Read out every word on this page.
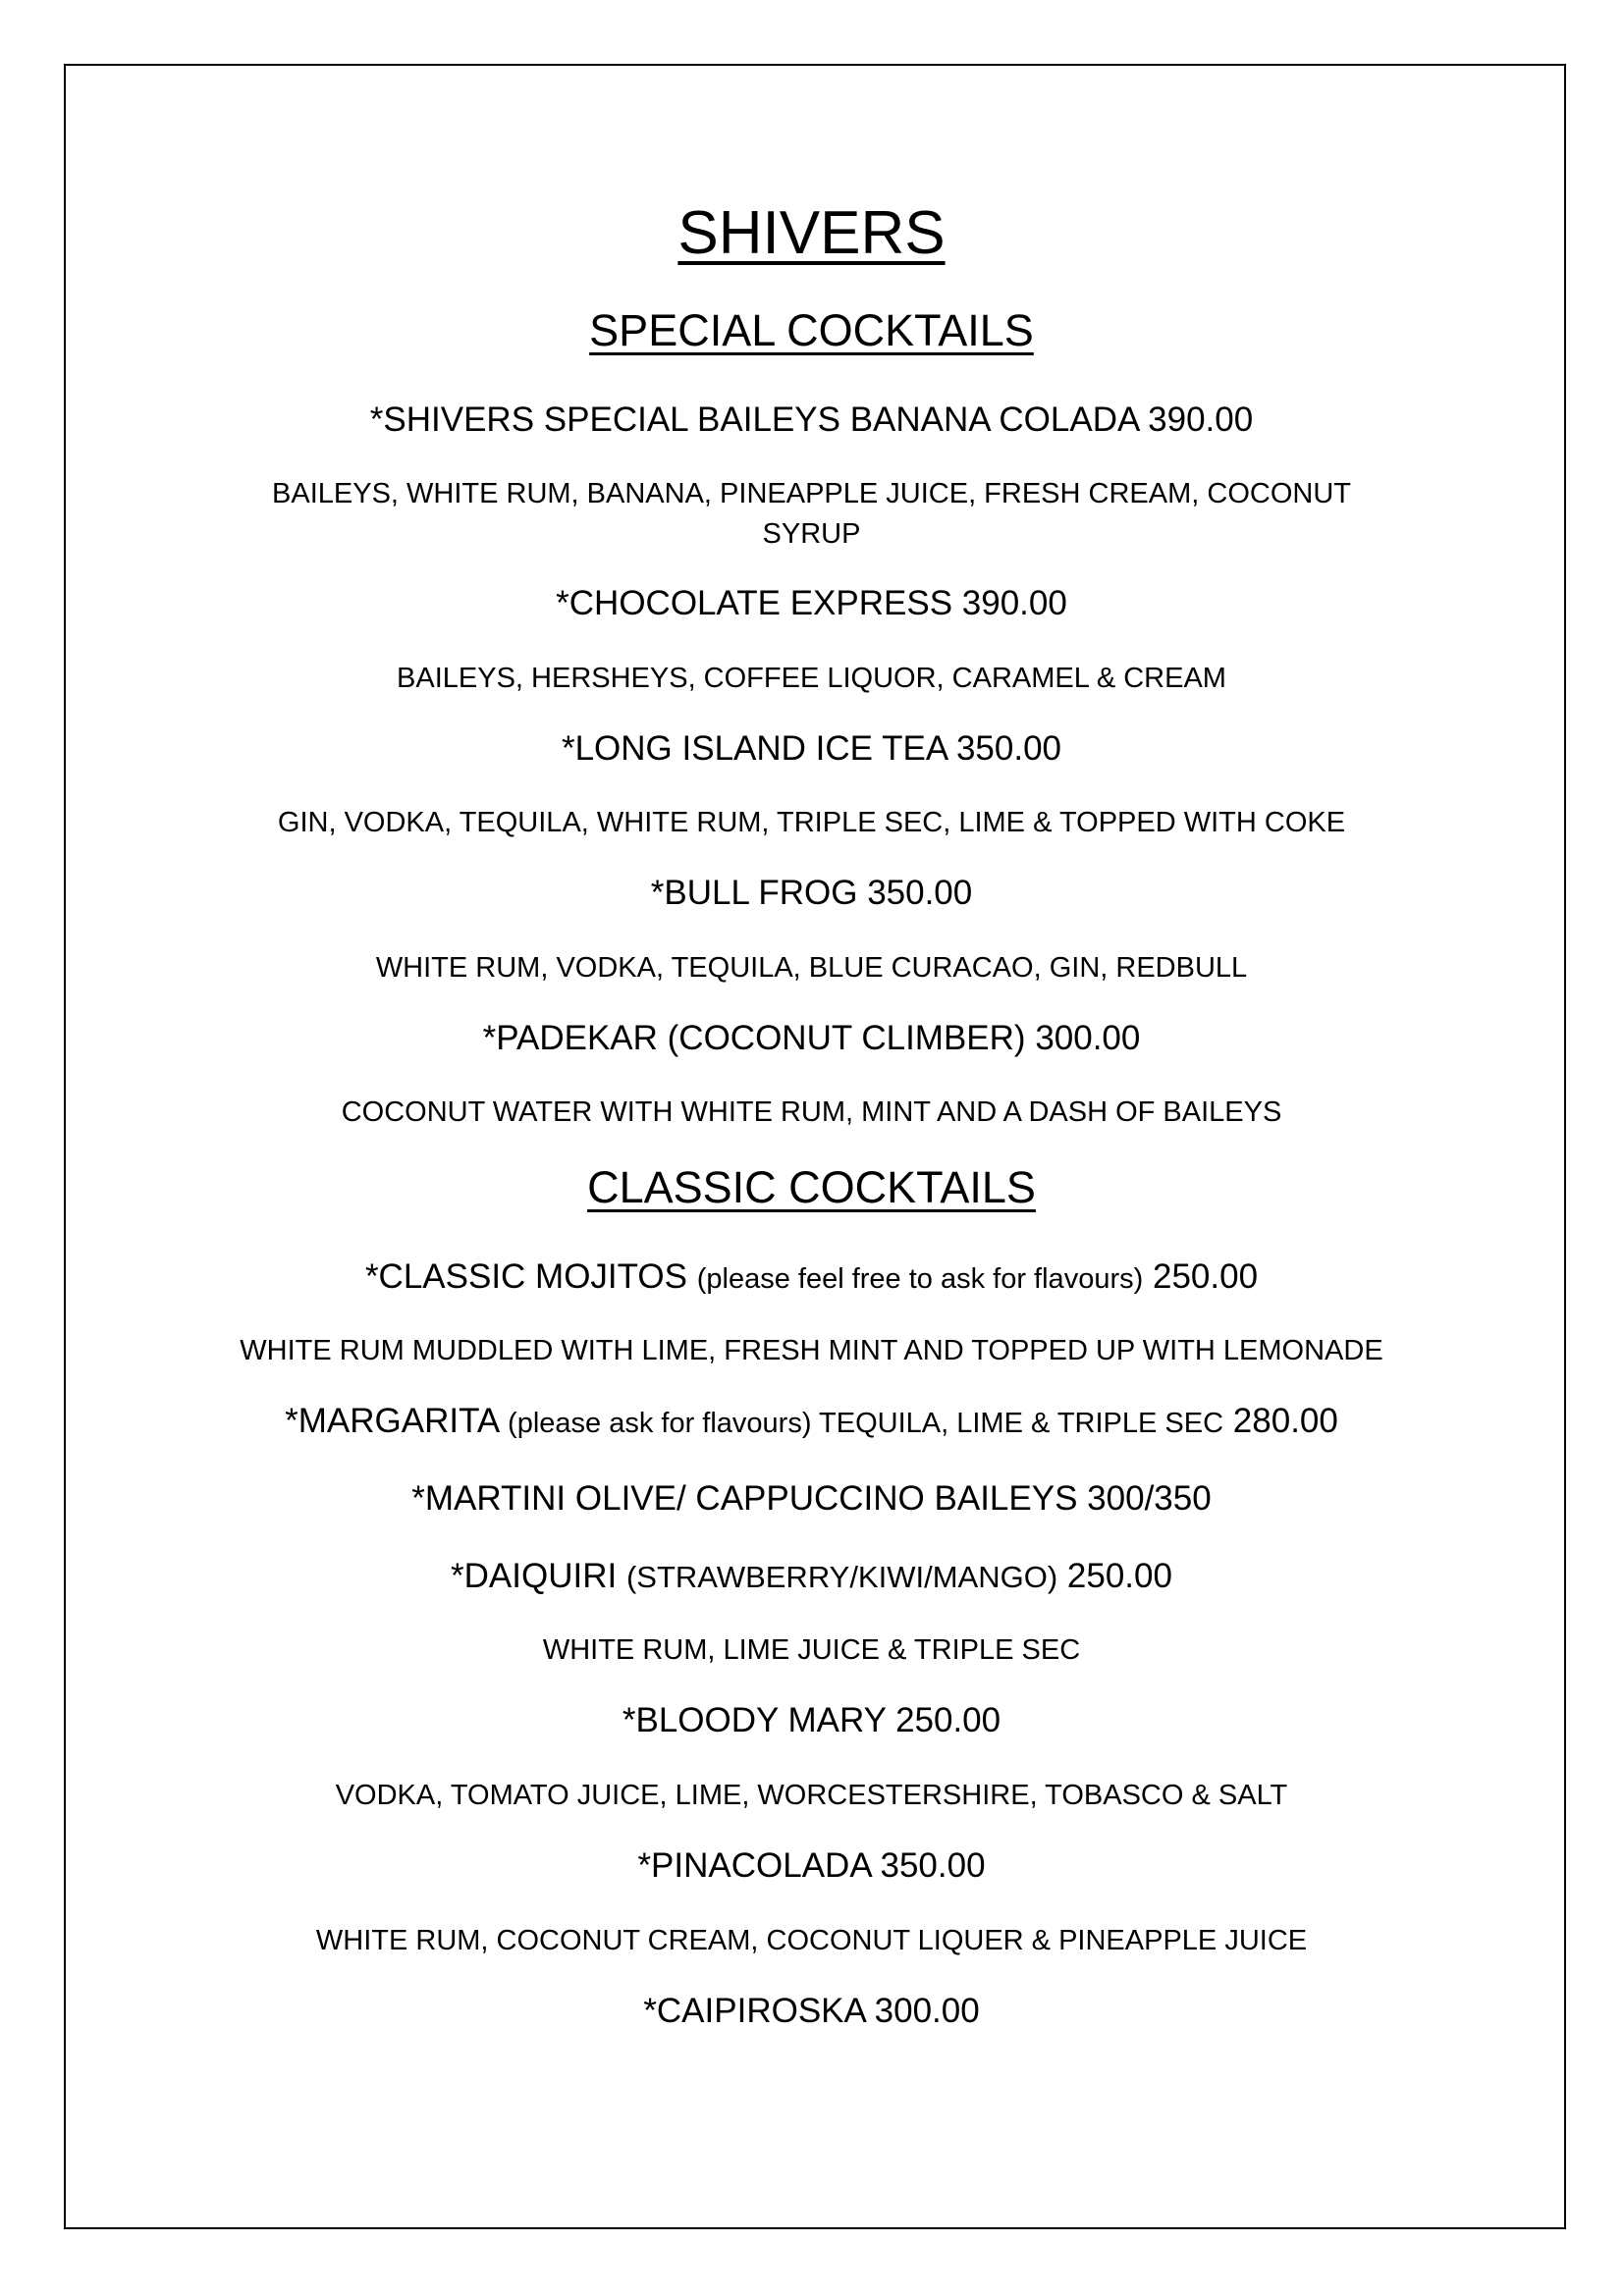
SHIVERS
SPECIAL COCKTAILS
*SHIVERS SPECIAL BAILEYS BANANA COLADA 390.00
BAILEYS, WHITE RUM, BANANA, PINEAPPLE JUICE, FRESH CREAM, COCONUT SYRUP
*CHOCOLATE EXPRESS 390.00
BAILEYS, HERSHEYS, COFFEE LIQUOR, CARAMEL & CREAM
*LONG ISLAND ICE TEA 350.00
GIN, VODKA, TEQUILA, WHITE RUM, TRIPLE SEC, LIME & TOPPED WITH COKE
*BULL FROG 350.00
WHITE RUM, VODKA, TEQUILA, BLUE CURACAO, GIN, REDBULL
*PADEKAR (COCONUT CLIMBER) 300.00
COCONUT WATER WITH WHITE RUM, MINT AND A DASH OF BAILEYS
CLASSIC COCKTAILS
*CLASSIC MOJITOS (please feel free to ask for flavours) 250.00
WHITE RUM MUDDLED WITH LIME, FRESH MINT AND TOPPED UP WITH LEMONADE
*MARGARITA (please ask for flavours) TEQUILA, LIME & TRIPLE SEC 280.00
*MARTINI OLIVE/ CAPPUCCINO BAILEYS 300/350
*DAIQUIRI (STRAWBERRY/KIWI/MANGO) 250.00
WHITE RUM, LIME JUICE & TRIPLE SEC
*BLOODY MARY 250.00
VODKA, TOMATO JUICE, LIME, WORCESTERSHIRE, TOBASCO & SALT
*PINACOLADA 350.00
WHITE RUM, COCONUT CREAM, COCONUT LIQUER & PINEAPPLE JUICE
*CAIPIROSKA 300.00
